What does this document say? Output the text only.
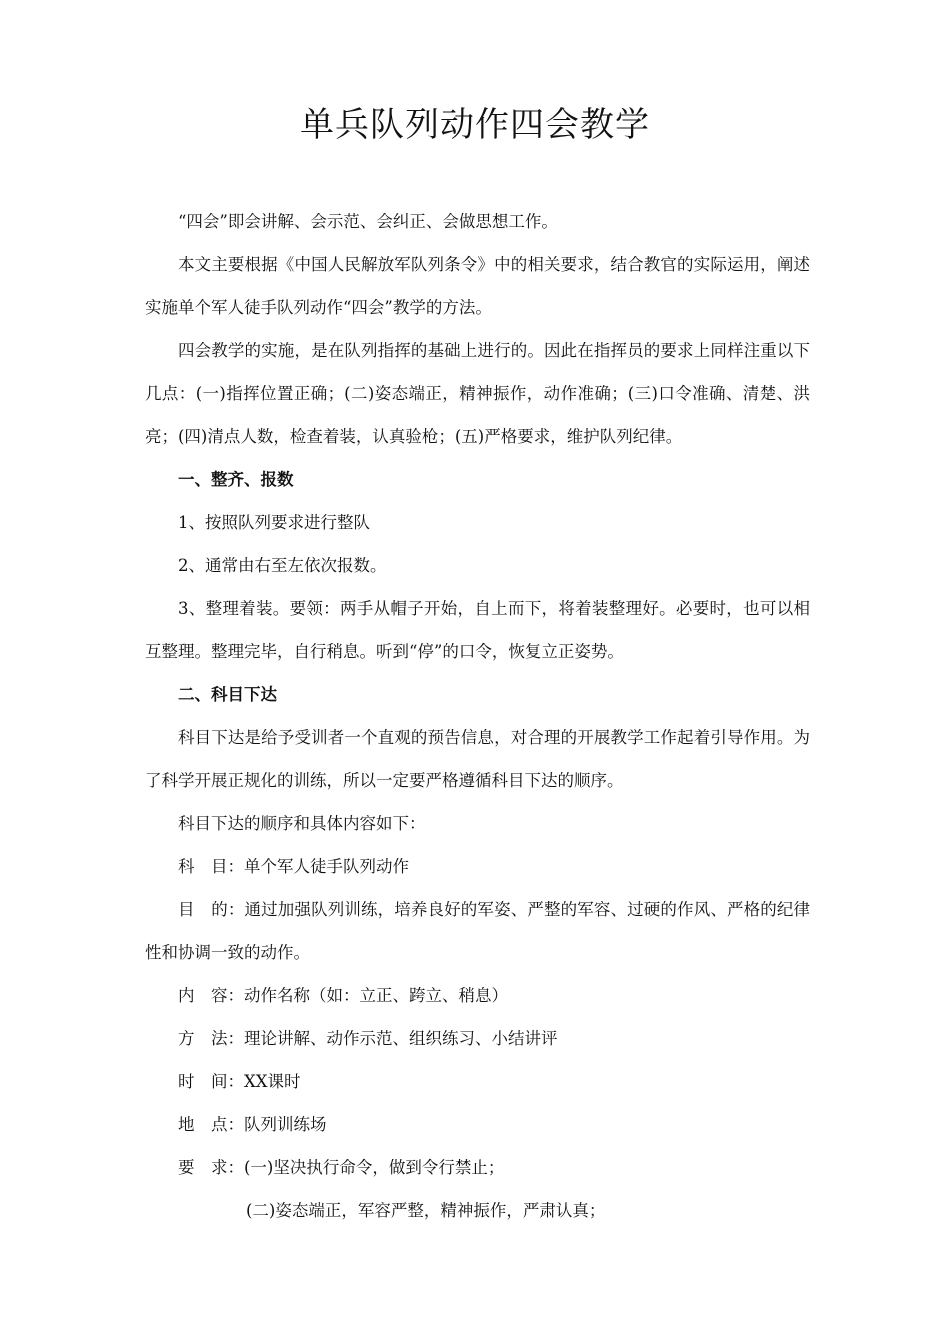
单兵队列动作四会教学

“四会”即会讲解、会示范、会纠正、会做思想工作。

本文主要根据《中国人民解放军队列条令》中的相关要求，结合教官的实际运用，阐述实施单个军人徒手队列动作“四会”教学的方法。

四会教学的实施，是在队列指挥的基础上进行的。因此在指挥员的要求上同样注重以下几点：(一)指挥位置正确；(二)姿态端正，精神振作，动作准确；(三)口令准确、清楚、洪亮；(四)清点人数，检查着装，认真验枪；(五)严格要求，维护队列纪律。

一、整齐、报数

1、按照队列要求进行整队

2、通常由右至左依次报数。

3、整理着装。要领：两手从帽子开始，自上而下，将着装整理好。必要时，也可以相互整理。整理完毕，自行稍息。听到“停”的口令，恢复立正姿势。

二、科目下达

科目下达是给予受训者一个直观的预告信息，对合理的开展教学工作起着引导作用。为了科学开展正规化的训练，所以一定要严格遵循科目下达的顺序。

科目下达的顺序和具体内容如下：

科　目：单个军人徒手队列动作

目　的：通过加强队列训练，培养良好的军姿、严整的军容、过硬的作风、严格的纪律性和协调一致的动作。

内　容：动作名称（如：立正、跨立、稍息）

方　法：理论讲解、动作示范、组织练习、小结讲评

时　间：XX课时

地　点：队列训练场

要　求：(一)坚决执行命令，做到令行禁止；

(二)姿态端正，军容严整，精神振作，严肃认真；
